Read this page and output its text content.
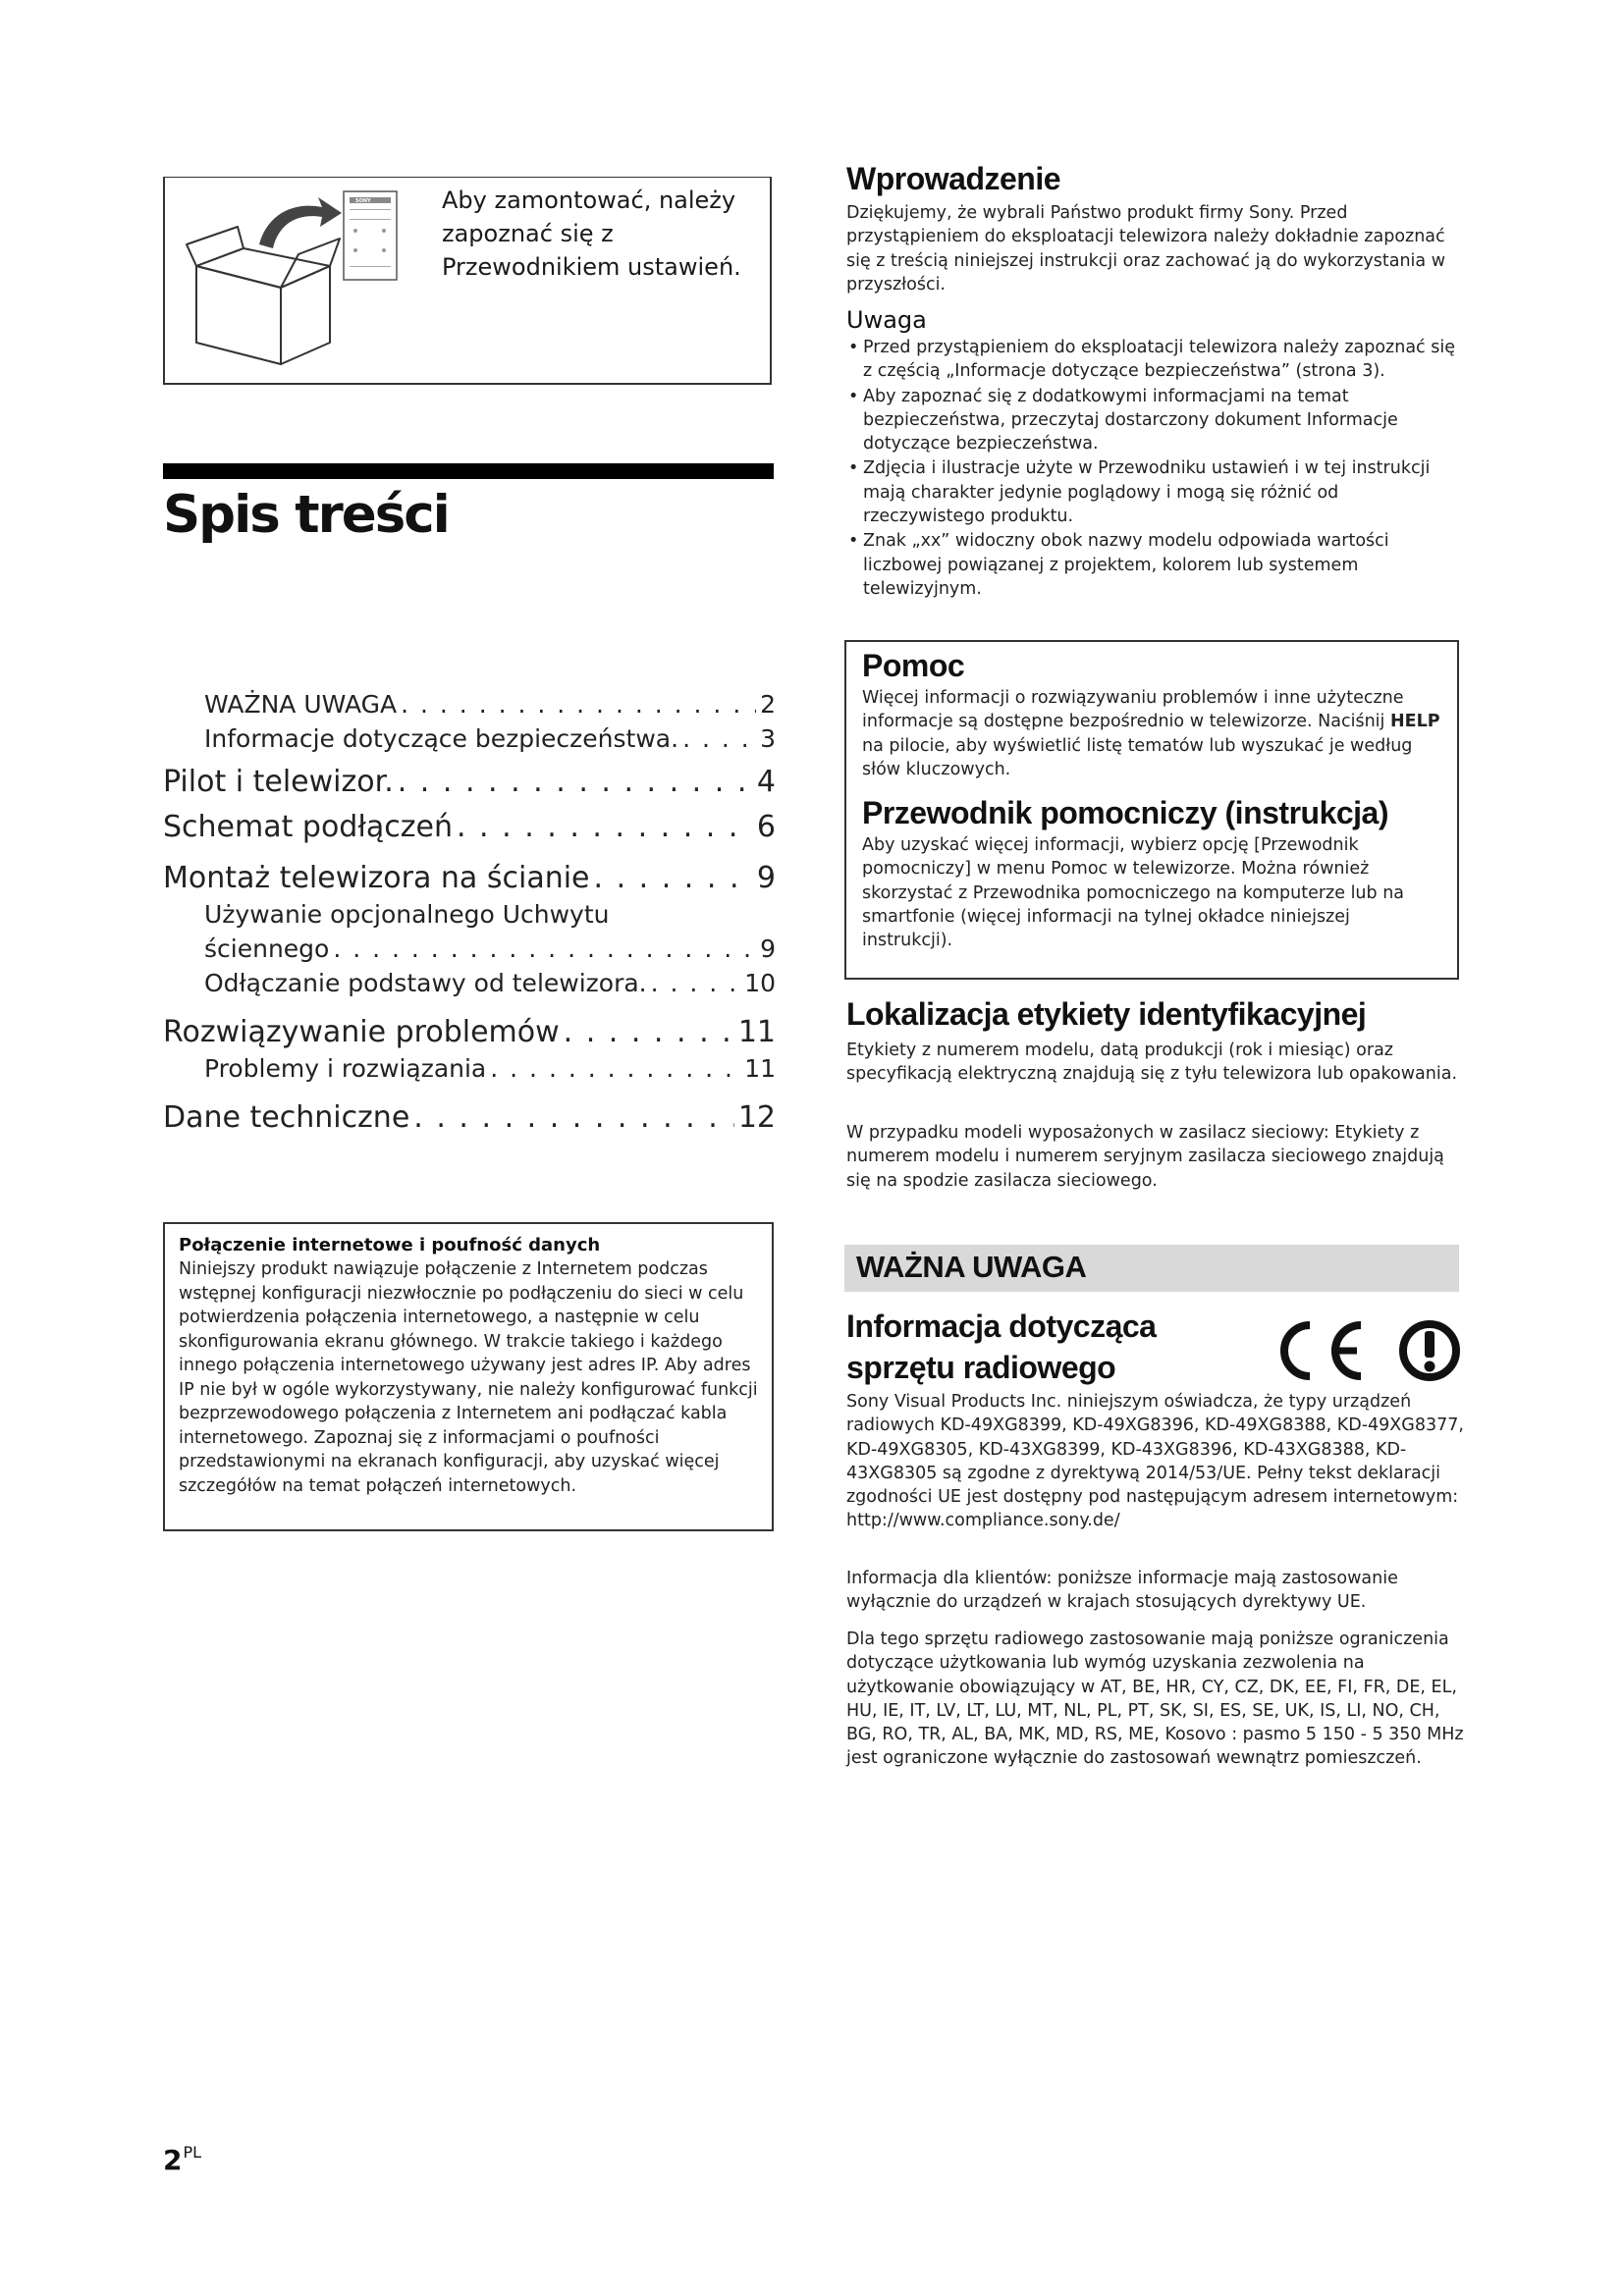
SONY	Aby zamontować, należy zapoznać się z Przewodnikiem ustawień.
Spis treści
WAŻNA UWAGA . . .	2
Informacje dotyczące bezpieczeństwa. . . .	3
Pilot i telewizor. . . .	4
Schemat podłączeń . . .	6
Montaż telewizora na ścianie . . .	9
Używanie opcjonalnego Uchwytu
ściennego . . .	9
Odłączanie podstawy od telewizora. . . .	10
Rozwiązywanie problemów . . .	11
Problemy i rozwiązania . . .	11
Dane techniczne . . .	12
Połączenie internetowe i poufność danych
Niniejszy produkt nawiązuje połączenie z Internetem podczas wstępnej konfiguracji niezwłocznie po podłączeniu do sieci w celu potwierdzenia połączenia internetowego, a następnie w celu skonfigurowania ekranu głównego. W trakcie takiego i każdego innego połączenia internetowego używany jest adres IP. Aby adres IP nie był w ogóle wykorzystywany, nie należy konfigurować funkcji bezprzewodowego połączenia z Internetem ani podłączać kabla internetowego. Zapoznaj się z informacjami o poufności przedstawionymi na ekranach konfiguracji, aby uzyskać więcej szczegółów na temat połączeń internetowych.
$2^{PL}$
Wprowadzenie
Dziękujemy, że wybrali Państwo produkt firmy Sony. Przed przystąpieniem do eksploatacji telewizora należy dokładnie zapoznać się z treścią niniejszej instrukcji oraz zachować ją do wykorzystania w przyszłości.
Uwaga
• Przed przystąpieniem do eksploatacji telewizora należy zapoznać się z częścią „Informacje dotyczące bezpieczeństwa” (strona 3).
• Aby zapoznać się z dodatkowymi informacjami na temat bezpieczeństwa, przeczytaj dostarczony dokument Informacje dotyczące bezpieczeństwa.
• Zdjęcia i ilustracje użyte w Przewodniku ustawień i w tej instrukcji mają charakter jedynie poglądowy i mogą się różnić od rzeczywistego produktu.
• Znak „xx” widoczny obok nazwy modelu odpowiada wartości liczbowej powiązanej z projektem, kolorem lub systemem telewizyjnym.
Pomoc
Więcej informacji o rozwiązywaniu problemów i inne użyteczne informacje są dostępne bezpośrednio w telewizorze. Naciśnij HELP na pilocie, aby wyświetlić listę tematów lub wyszukać je według słów kluczowych.
Przewodnik pomocniczy (instrukcja)
Aby uzyskać więcej informacji, wybierz opcję [Przewodnik pomocniczy] w menu Pomoc w telewizorze. Można również skorzystać z Przewodnika pomocniczego na komputerze lub na smartfonie (więcej informacji na tylnej okładce niniejszej instrukcji).
Lokalizacja etykiety identyfikacyjnej
Etykiety z numerem modelu, datą produkcji (rok i miesiąc) oraz specyfikacją elektryczną znajdują się z tyłu telewizora lub opakowania.
W przypadku modeli wyposażonych w zasilacz sieciowy: Etykiety z numerem modelu i numerem seryjnym zasilacza sieciowego znajdują się na spodzie zasilacza sieciowego.
WAŻNA UWAGA
Informacja dotycząca sprzętu radiowego
Sony Visual Products Inc. niniejszym oświadcza, że typy urządzeń radiowych KD-49XG8399, KD-49XG8396, KD-49XG8388, KD-49XG8377, KD-49XG8305, KD-43XG8399, KD-43XG8396, KD-43XG8388, KD-43XG8305 są zgodne z dyrektywą 2014/53/UE. Pełny tekst deklaracji zgodności UE jest dostępny pod następującym adresem internetowym: http://www.compliance.sony.de/
Informacja dla klientów: poniższe informacje mają zastosowanie wyłącznie do urządzeń w krajach stosujących dyrektywy UE.
Dla tego sprzętu radiowego zastosowanie mają poniższe ograniczenia dotyczące użytkowania lub wymóg uzyskania zezwolenia na użytkowanie obowiązujący w AT, BE, HR, CY, CZ, DK, EE, FI, FR, DE, EL, HU, IE, IT, LV, LT, LU, MT, NL, PL, PT, SK, SI, ES, SE, UK, IS, LI, NO, CH, BG, RO, TR, AL, BA, MK, MD, RS, ME, Kosovo : pasmo 5 150 - 5 350 MHz jest ograniczone wyłącznie do zastosowań wewnątrz pomieszczeń.
